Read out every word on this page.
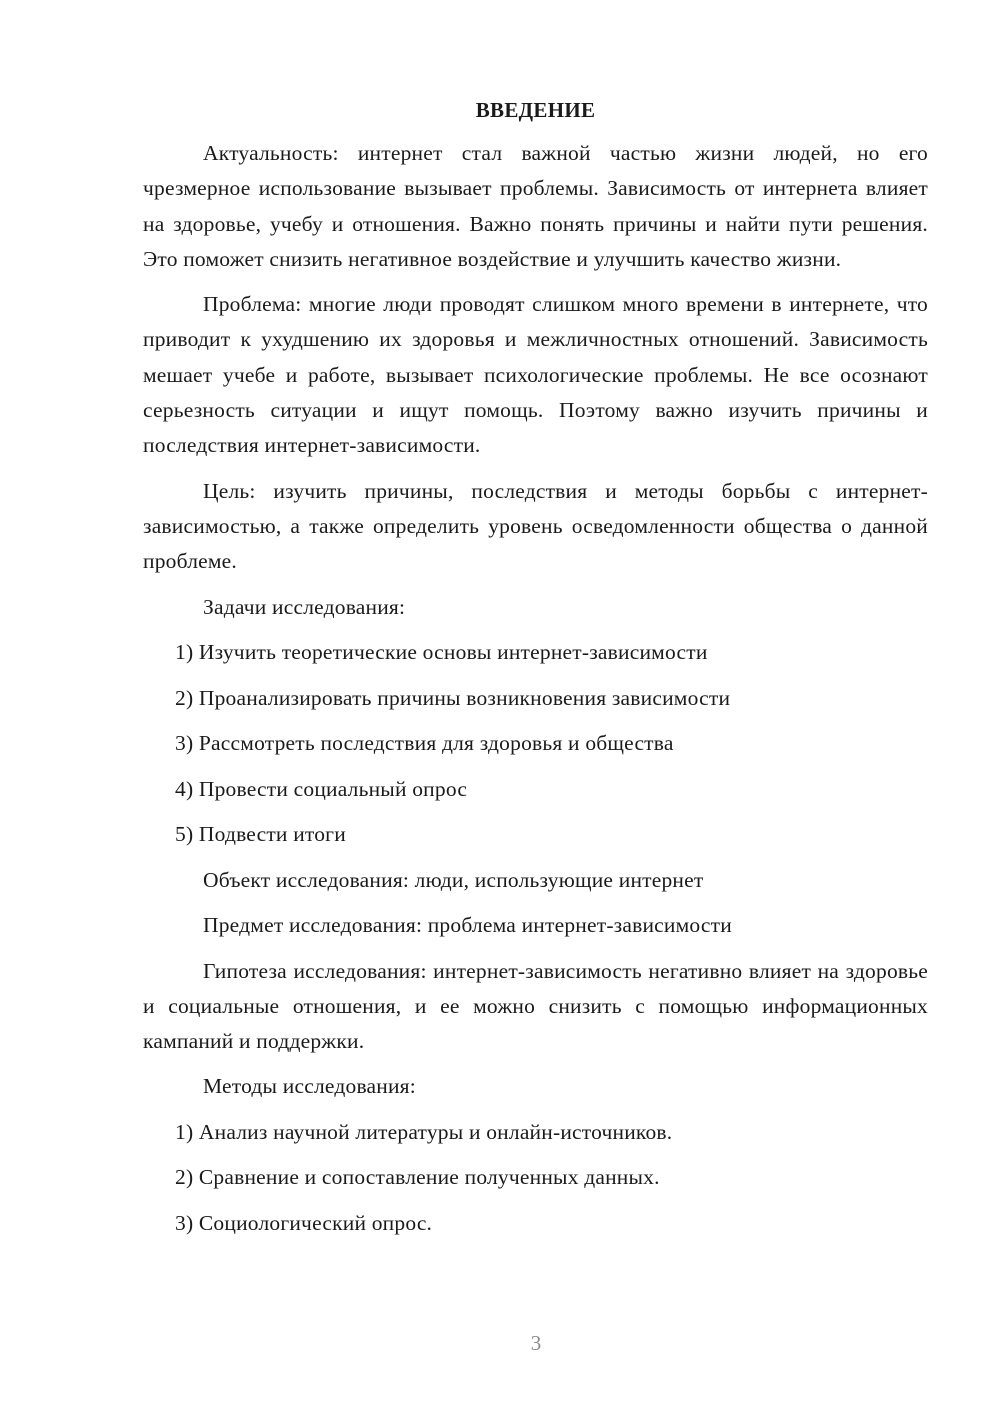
ВВЕДЕНИЕ

Актуальность: интернет стал важной частью жизни людей, но его чрезмерное использование вызывает проблемы. Зависимость от интернета влияет на здоровье, учебу и отношения. Важно понять причины и найти пути решения. Это поможет снизить негативное воздействие и улучшить качество жизни.

Проблема: многие люди проводят слишком много времени в интернете, что приводит к ухудшению их здоровья и межличностных отношений. Зависимость мешает учебе и работе, вызывает психологические проблемы. Не все осознают серьезность ситуации и ищут помощь. Поэтому важно изучить причины и последствия интернет-зависимости.

Цель: изучить причины, последствия и методы борьбы с интернет-зависимостью, а также определить уровень осведомленности общества о данной проблеме.

Задачи исследования:
1) Изучить теоретические основы интернет-зависимости
2) Проанализировать причины возникновения зависимости
3) Рассмотреть последствия для здоровья и общества
4) Провести социальный опрос
5) Подвести итоги
Объект исследования: люди, использующие интернет
Предмет исследования: проблема интернет-зависимости

Гипотеза исследования: интернет-зависимость негативно влияет на здоровье и социальные отношения, и ее можно снизить с помощью информационных кампаний и поддержки.

Методы исследования:
1) Анализ научной литературы и онлайн-источников.
2) Сравнение и сопоставление полученных данных.
3) Социологический опрос.
3
